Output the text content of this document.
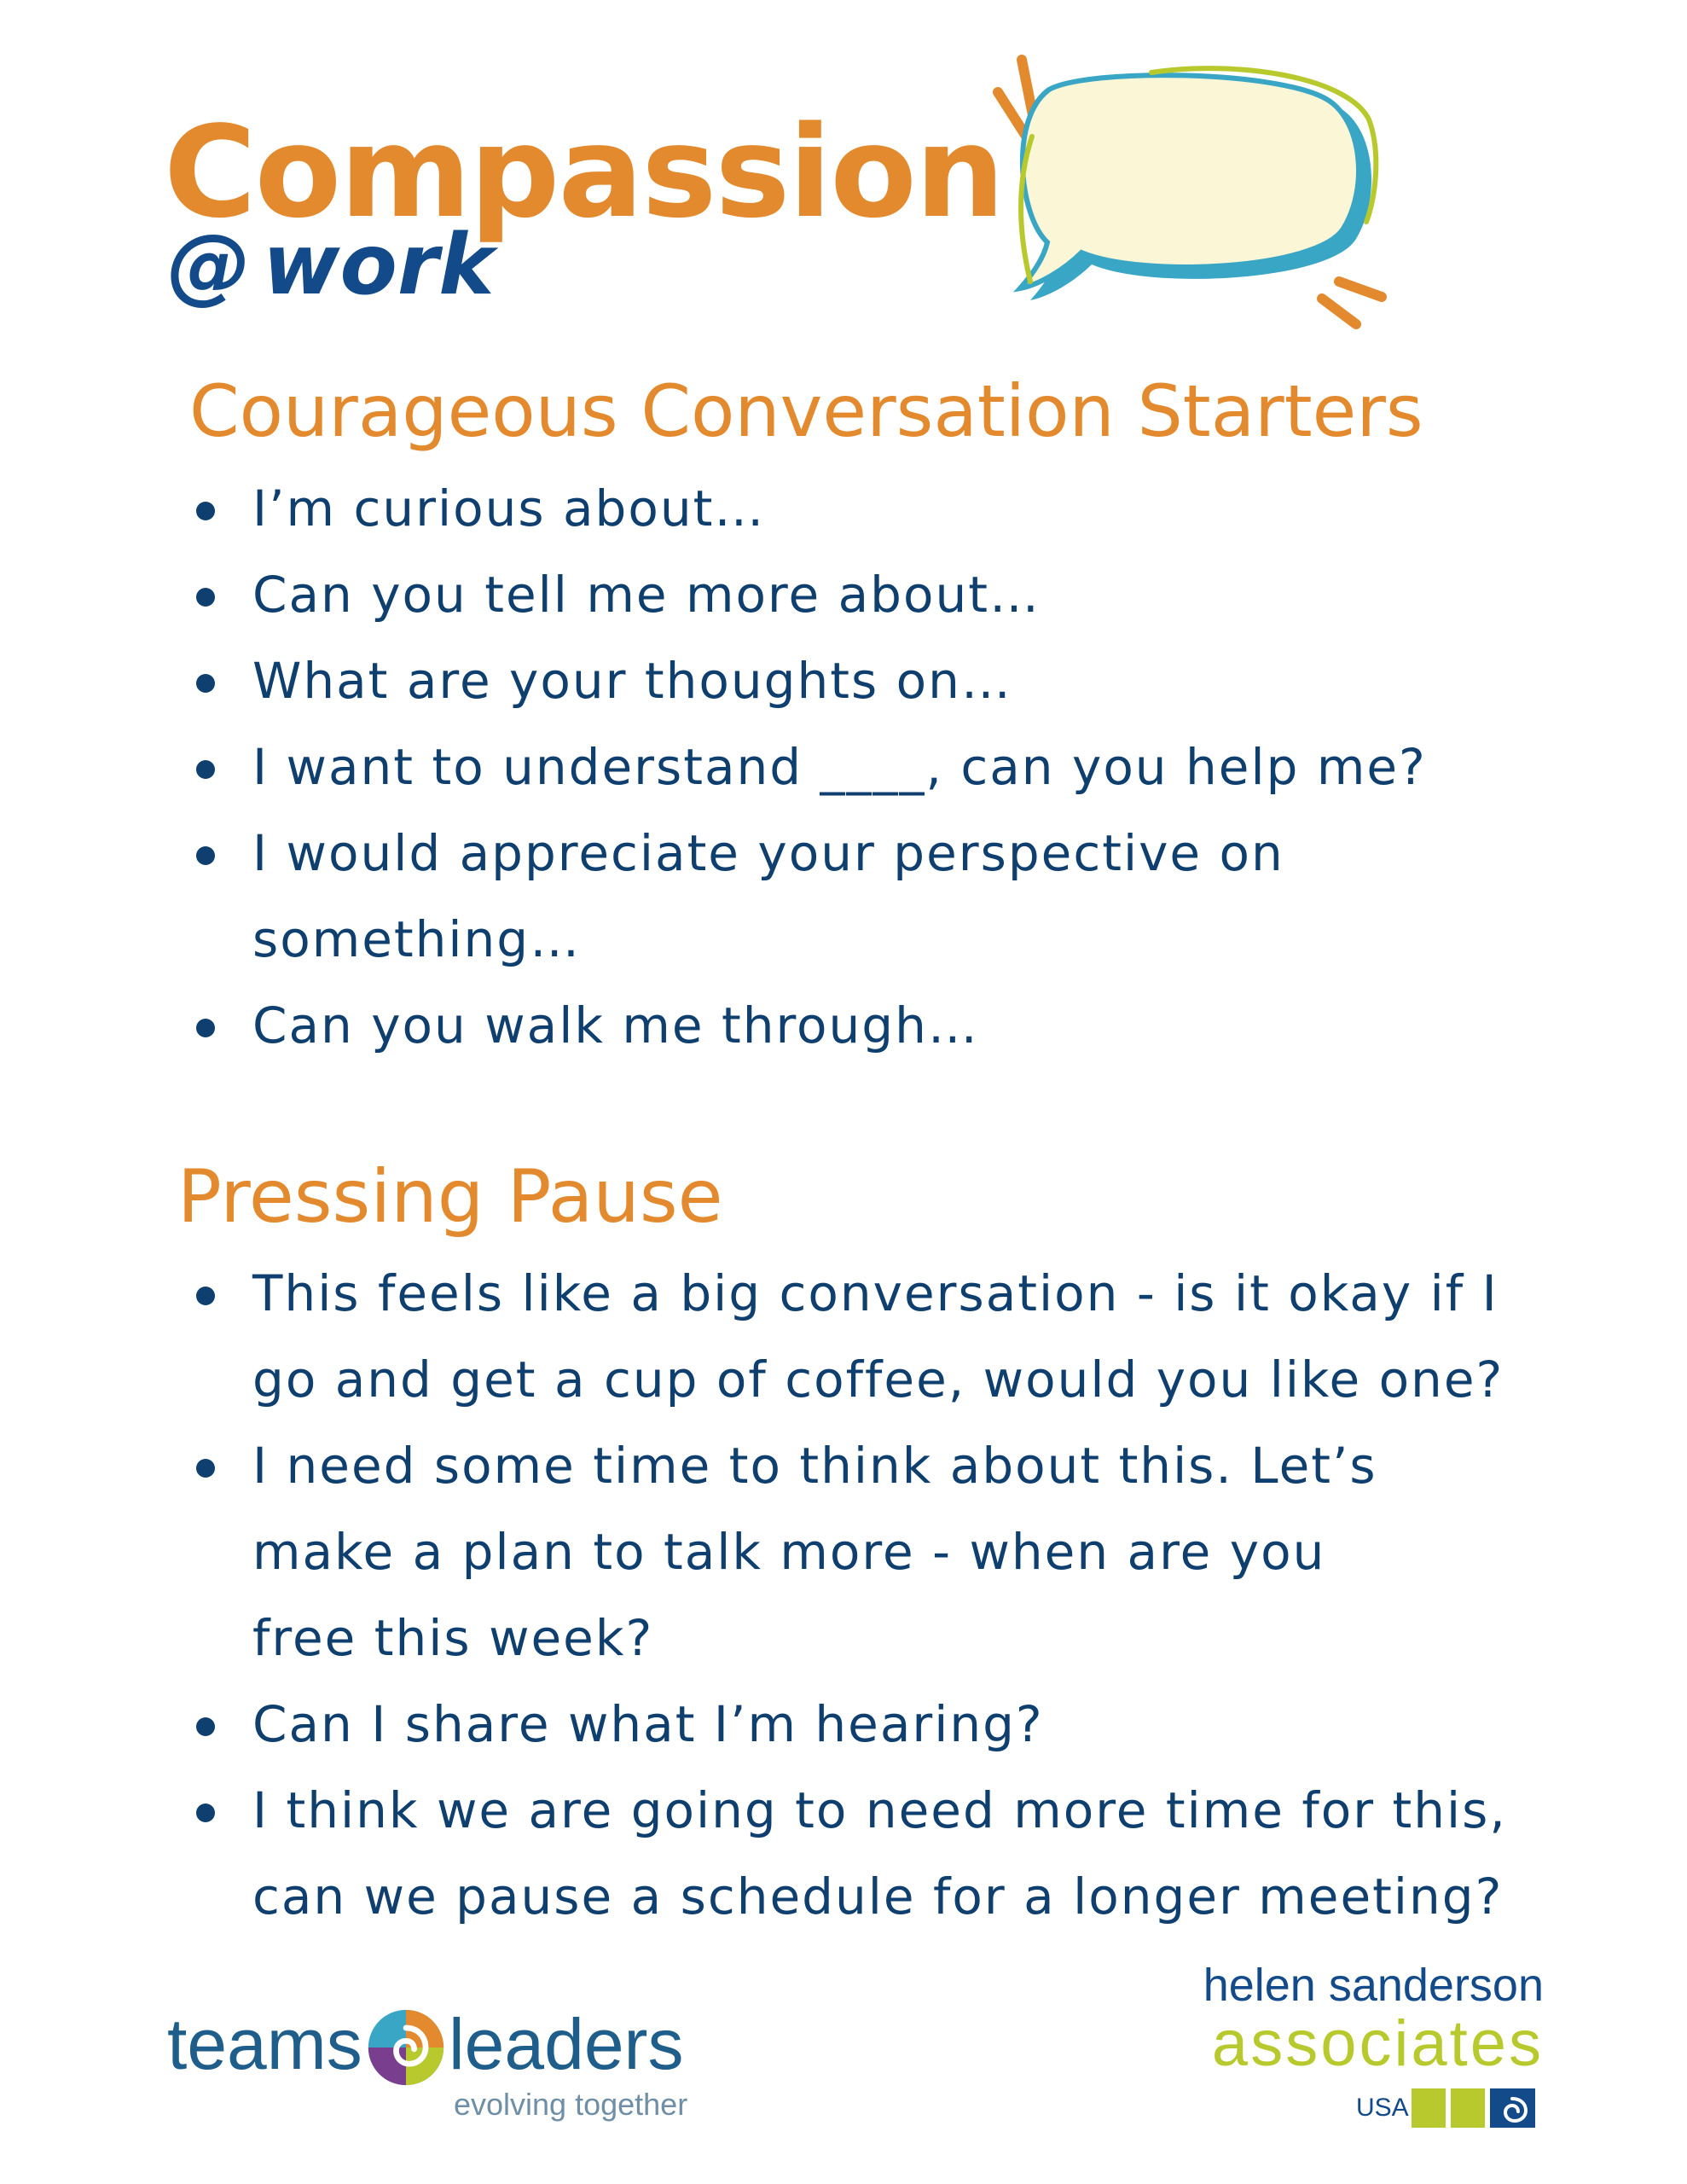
Compassion
@ work
Courageous Conversation Starters
I’m curious about…
Can you tell me more about…
What are your thoughts on…
I want to understand ____, can you help me?
I would appreciate your perspective on something…
Can you walk me through…
Pressing Pause
This feels like a big conversation - is it okay if I go and get a cup of coffee, would you like one?
I need some time to think about this. Let’s make a plan to talk more - when are you free this week?
Can I share what I’m hearing?
I think we are going to need more time for this, can we pause a schedule for a longer meeting?
teams leaders
evolving together
helen sanderson
associates
USA
